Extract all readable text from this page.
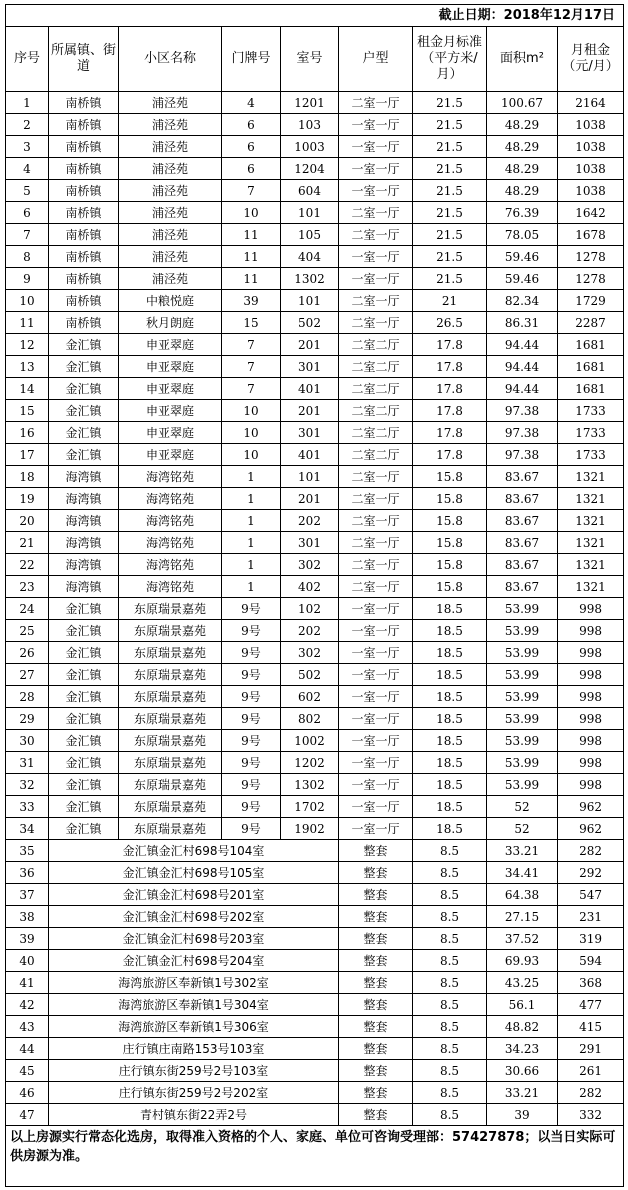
截止日期：2018年12月17日								
序号	所属镇、街道	小区名称	门牌号	室号	户型	租金月标准（平方米/月）	面积m²	月租金（元/月）
1	南桥镇	浦泾苑	4	1201	二室一厅	21.5	100.67	2164
2	南桥镇	浦泾苑	6	103	一室一厅	21.5	48.29	1038
3	南桥镇	浦泾苑	6	1003	一室一厅	21.5	48.29	1038
4	南桥镇	浦泾苑	6	1204	一室一厅	21.5	48.29	1038
5	南桥镇	浦泾苑	7	604	一室一厅	21.5	48.29	1038
6	南桥镇	浦泾苑	10	101	二室一厅	21.5	76.39	1642
7	南桥镇	浦泾苑	11	105	二室一厅	21.5	78.05	1678
8	南桥镇	浦泾苑	11	404	一室一厅	21.5	59.46	1278
9	南桥镇	浦泾苑	11	1302	一室一厅	21.5	59.46	1278
10	南桥镇	中粮悦庭	39	101	二室一厅	21	82.34	1729
11	南桥镇	秋月朗庭	15	502	二室一厅	26.5	86.31	2287
12	金汇镇	申亚翠庭	7	201	二室二厅	17.8	94.44	1681
13	金汇镇	申亚翠庭	7	301	二室二厅	17.8	94.44	1681
14	金汇镇	申亚翠庭	7	401	二室二厅	17.8	94.44	1681
15	金汇镇	申亚翠庭	10	201	二室二厅	17.8	97.38	1733
16	金汇镇	申亚翠庭	10	301	二室二厅	17.8	97.38	1733
17	金汇镇	申亚翠庭	10	401	二室二厅	17.8	97.38	1733
18	海湾镇	海湾铭苑	1	101	二室一厅	15.8	83.67	1321
19	海湾镇	海湾铭苑	1	201	二室一厅	15.8	83.67	1321
20	海湾镇	海湾铭苑	1	202	二室一厅	15.8	83.67	1321
21	海湾镇	海湾铭苑	1	301	二室一厅	15.8	83.67	1321
22	海湾镇	海湾铭苑	1	302	二室一厅	15.8	83.67	1321
23	海湾镇	海湾铭苑	1	402	二室一厅	15.8	83.67	1321
24	金汇镇	东原瑞景嘉苑	9号	102	一室一厅	18.5	53.99	998
25	金汇镇	东原瑞景嘉苑	9号	202	一室一厅	18.5	53.99	998
26	金汇镇	东原瑞景嘉苑	9号	302	一室一厅	18.5	53.99	998
27	金汇镇	东原瑞景嘉苑	9号	502	一室一厅	18.5	53.99	998
28	金汇镇	东原瑞景嘉苑	9号	602	一室一厅	18.5	53.99	998
29	金汇镇	东原瑞景嘉苑	9号	802	一室一厅	18.5	53.99	998
30	金汇镇	东原瑞景嘉苑	9号	1002	一室一厅	18.5	53.99	998
31	金汇镇	东原瑞景嘉苑	9号	1202	一室一厅	18.5	53.99	998
32	金汇镇	东原瑞景嘉苑	9号	1302	一室一厅	18.5	53.99	998
33	金汇镇	东原瑞景嘉苑	9号	1702	一室一厅	18.5	52	962
34	金汇镇	东原瑞景嘉苑	9号	1902	一室一厅	18.5	52	962
35	金汇镇金汇村698号104室				整套	8.5	33.21	282
36	金汇镇金汇村698号105室				整套	8.5	34.41	292
37	金汇镇金汇村698号201室				整套	8.5	64.38	547
38	金汇镇金汇村698号202室				整套	8.5	27.15	231
39	金汇镇金汇村698号203室				整套	8.5	37.52	319
40	金汇镇金汇村698号204室				整套	8.5	69.93	594
41	海湾旅游区奉新镇1号302室				整套	8.5	43.25	368
42	海湾旅游区奉新镇1号304室				整套	8.5	56.1	477
43	海湾旅游区奉新镇1号306室				整套	8.5	48.82	415
44	庄行镇庄南路153号103室				整套	8.5	34.23	291
45	庄行镇东街259号2号103室				整套	8.5	30.66	261
46	庄行镇东街259号2号202室				整套	8.5	33.21	282
47	青村镇东街22弄2号				整套	8.5	39	332
以上房源实行常态化选房，取得准入资格的个人、家庭、单位可咨询受理部：57427878；以当日实际可供房源为准。								
